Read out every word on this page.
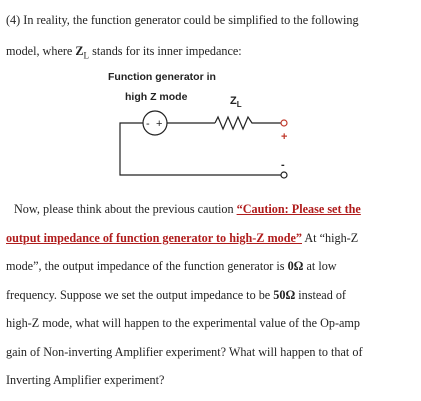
(4) In reality, the function generator could be simplified to the following
model, where $Z_L$ stands for its inner impedance:
Function generator in
high Z mode	$Z_L$
- +
+
-
Now, please think about the previous caution “Caution: Please set the
output impedance of function generator to high-Z mode” At “high-Z
mode”, the output impedance of the function generator is 0Ω at low
frequency. Suppose we set the output impedance to be 50Ω instead of
high-Z mode, what will happen to the experimental value of the Op-amp
gain of Non-inverting Amplifier experiment? What will happen to that of
Inverting Amplifier experiment?
